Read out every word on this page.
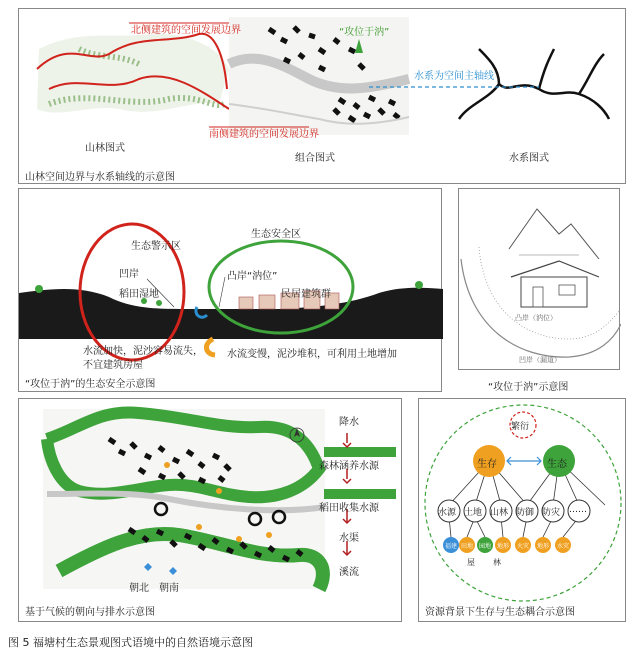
北侧建筑的空间发展边界	“攻位于汭”
水系为空间主轴线
南侧建筑的空间发展边界
山林图式
组合图式	水系图式
山林空间边界与水系轴线的示意图
生态安全区
生态警示区
凹岸	凸岸“汭位”
稻田湿地	民居建筑群
水流加快，泥沙容易流失，不宜建筑房屋
水流变慢，泥沙堆积，可利用土地增加
“攻位于汭”的生态安全示意图
凸岸（汭位）
凹岸（漏道）
“攻位于汭”示意图
朝北 朝南
降水
森林涵养水源
稻田收集水源
水渠
溪流
基于气候的朝向与排水示意图
繁衍
生存	生态
水源 土地 山林 防御 防灾 ……
福建 田地 园地 地形 火灾 地形 水灾
屋 林
资源背景下生存与生态耦合示意图
图 5 福塘村生态景观图式语境中的自然语境示意图
